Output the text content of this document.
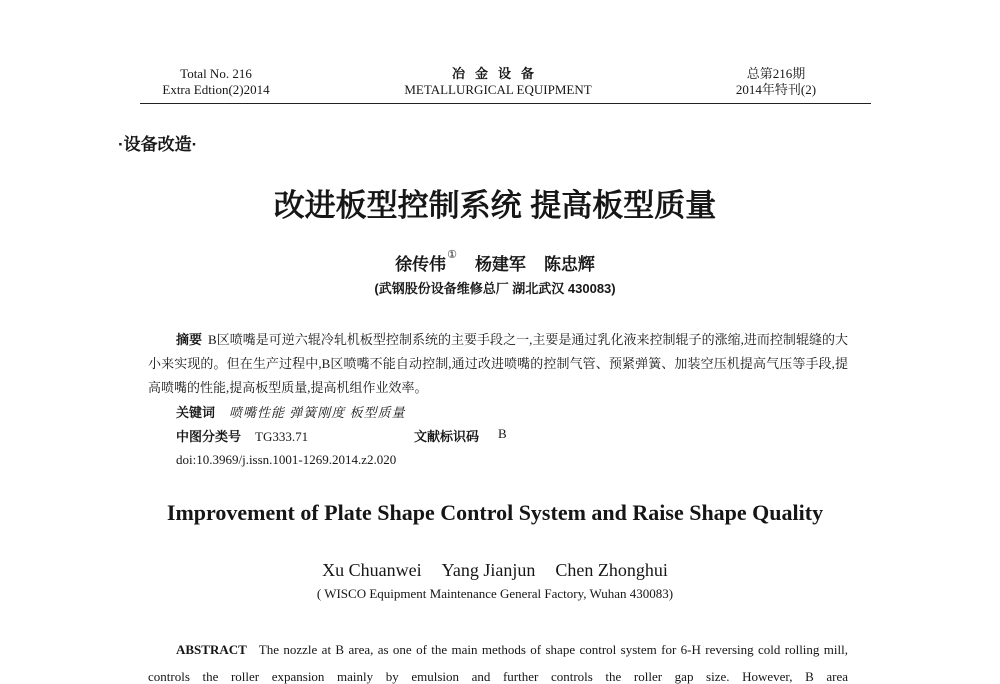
Total No. 216
Extra Edtion(2)2014
冶金设备
METALLURGICAL EQUIPMENT
总第216期
2014年特刊(2)
·设备改造·
改进板型控制系统 提高板型质量
徐传伟① 杨建军 陈忠辉
(武钢股份设备维修总厂 湖北武汉 430083)
摘要 B区喷嘴是可逆六辊冷轧机板型控制系统的主要手段之一,主要是通过乳化液来控制辊子的涨缩,进而控制辊缝的大小来实现的。但在生产过程中,B区喷嘴不能自动控制,通过改进喷嘴的控制气管、预紧弹簧、加装空压机提高气压等手段,提高喷嘴的性能,提高板型质量,提高机组作业效率。
关键词 喷嘴性能 弹簧刚度 板型质量
中图分类号 TG333.71	文献标识码 B
doi:10.3969/j.issn.1001-1269.2014.z2.020
Improvement of Plate Shape Control System and Raise Shape Quality
Xu Chuanwei Yang Jianjun Chen Zhonghui
( WISCO Equipment Maintenance General Factory, Wuhan 430083)
ABSTRACT The nozzle at B area, as one of the main methods of shape control system for 6-H reversing cold rolling mill, controls the roller expansion mainly by emulsion and further controls the roller gap size. However, B area
